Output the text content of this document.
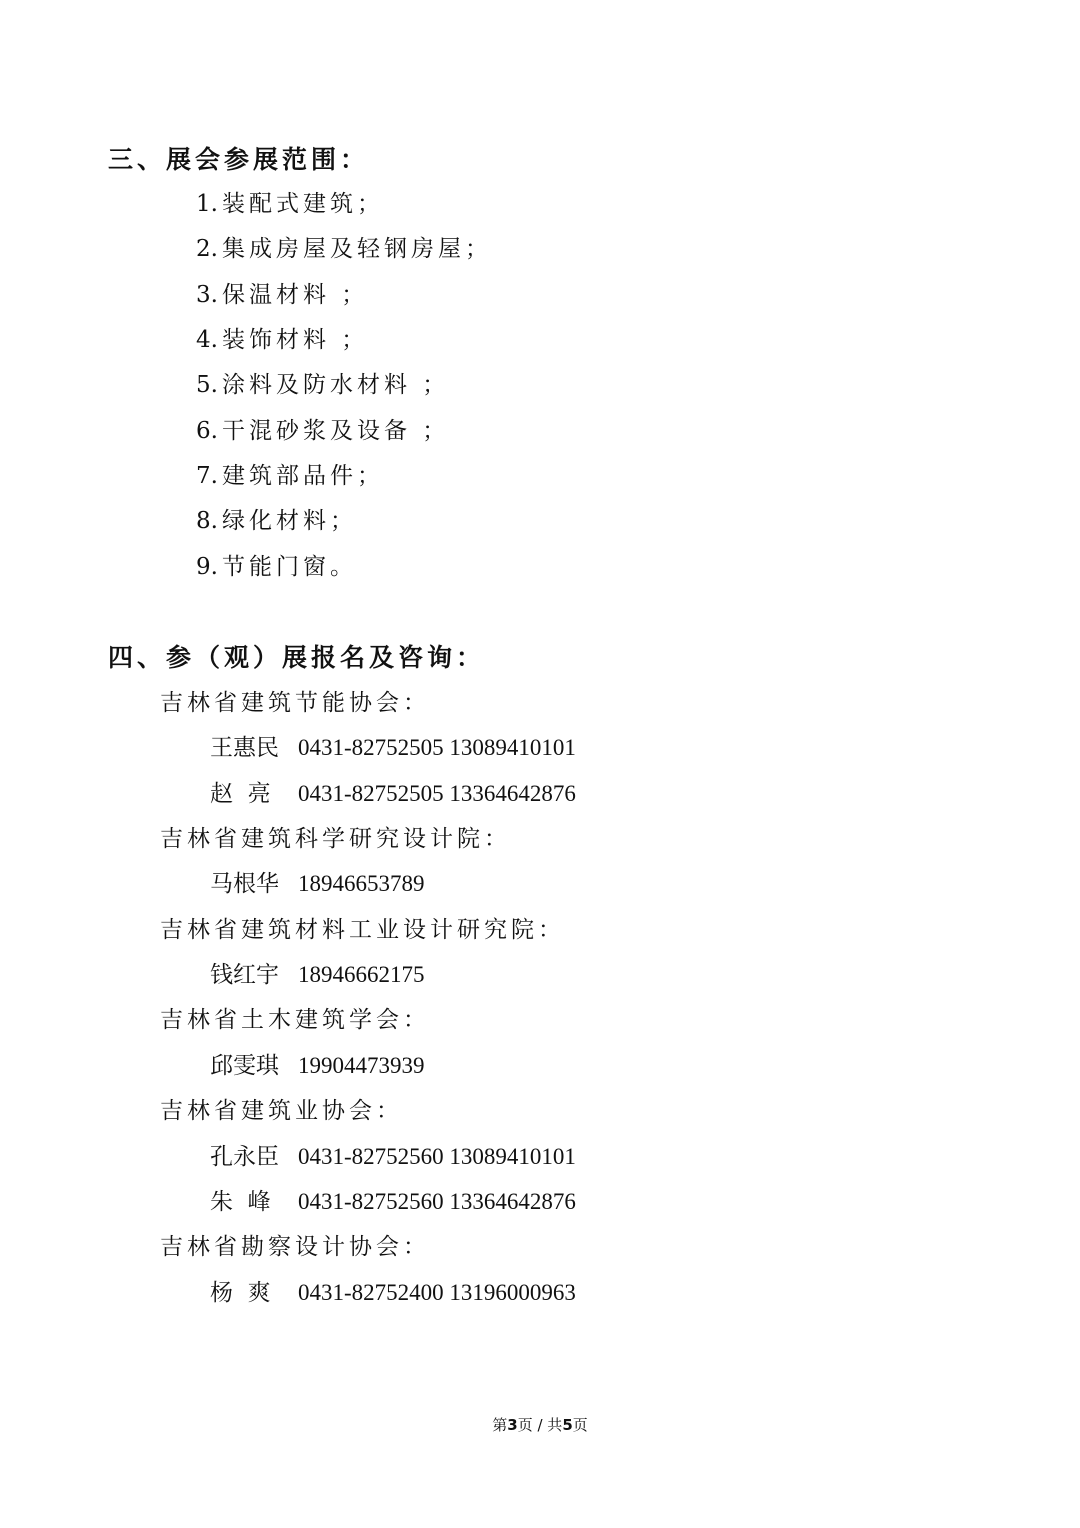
三、展会参展范围：
1. 装配式建筑；
2. 集成房屋及轻钢房屋；
3. 保温材料 ；
4. 装饰材料 ；
5. 涂料及防水材料 ；
6. 干混砂浆及设备 ；
7. 建筑部品件；
8. 绿化材料；
9. 节能门窗。
四、参（观）展报名及咨询：
吉林省建筑节能协会：
王惠民 0431-82752505 13089410101
赵  亮 0431-82752505 13364642876
吉林省建筑科学研究设计院：
马根华 18946653789
吉林省建筑材料工业设计研究院：
钱红宇 18946662175
吉林省土木建筑学会：
邱雯琪 19904473939
吉林省建筑业协会：
孔永臣 0431-82752560 13089410101
朱  峰 0431-82752560 13364642876
吉林省勘察设计协会：
杨  爽 0431-82752400 13196000963
第3页 / 共5页
